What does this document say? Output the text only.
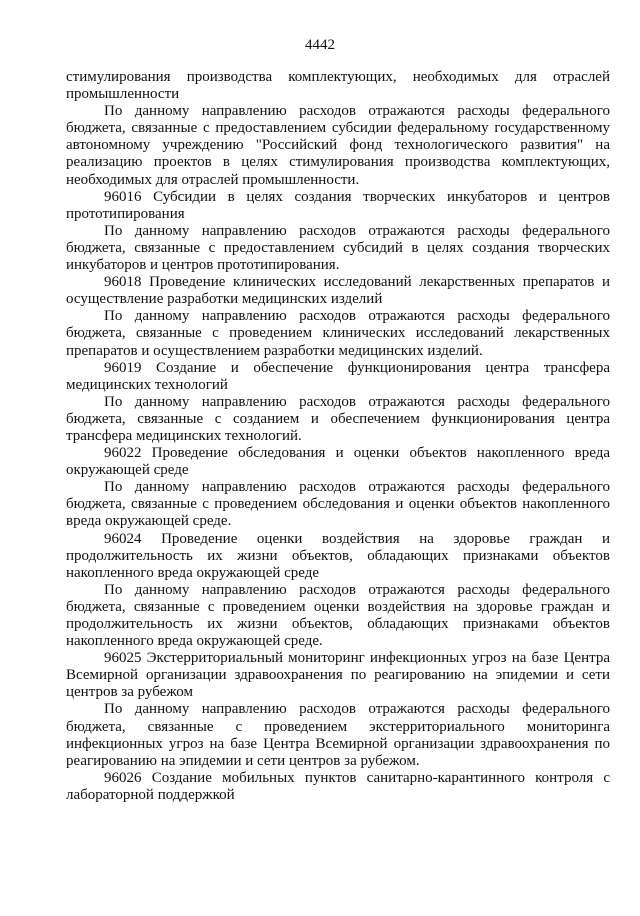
4442

стимулирования производства комплектующих, необходимых для отраслей промышленности

По данному направлению расходов отражаются расходы федерального бюджета, связанные с предоставлением субсидии федеральному государственному автономному учреждению "Российский фонд технологического развития" на реализацию проектов в целях стимулирования производства комплектующих, необходимых для отраслей промышленности.

96016 Субсидии в целях создания творческих инкубаторов и центров прототипирования

По данному направлению расходов отражаются расходы федерального бюджета, связанные с предоставлением субсидий в целях создания творческих инкубаторов и центров прототипирования.

96018 Проведение клинических исследований лекарственных препаратов и осуществление разработки медицинских изделий

По данному направлению расходов отражаются расходы федерального бюджета, связанные с проведением клинических исследований лекарственных препаратов и осуществлением разработки медицинских изделий.

96019 Создание и обеспечение функционирования центра трансфера медицинских технологий

По данному направлению расходов отражаются расходы федерального бюджета, связанные с созданием и обеспечением функционирования центра трансфера медицинских технологий.

96022 Проведение обследования и оценки объектов накопленного вреда окружающей среде

По данному направлению расходов отражаются расходы федерального бюджета, связанные с проведением обследования и оценки объектов накопленного вреда окружающей среде.

96024 Проведение оценки воздействия на здоровье граждан и продолжительность их жизни объектов, обладающих признаками объектов накопленного вреда окружающей среде

По данному направлению расходов отражаются расходы федерального бюджета, связанные с проведением оценки воздействия на здоровье граждан и продолжительность их жизни объектов, обладающих признаками объектов накопленного вреда окружающей среде.

96025 Экстерриториальный мониторинг инфекционных угроз на базе Центра Всемирной организации здравоохранения по реагированию на эпидемии и сети центров за рубежом

По данному направлению расходов отражаются расходы федерального бюджета, связанные с проведением экстерриториального мониторинга инфекционных угроз на базе Центра Всемирной организации здравоохранения по реагированию на эпидемии и сети центров за рубежом.

96026 Создание мобильных пунктов санитарно-карантинного контроля с лабораторной поддержкой
